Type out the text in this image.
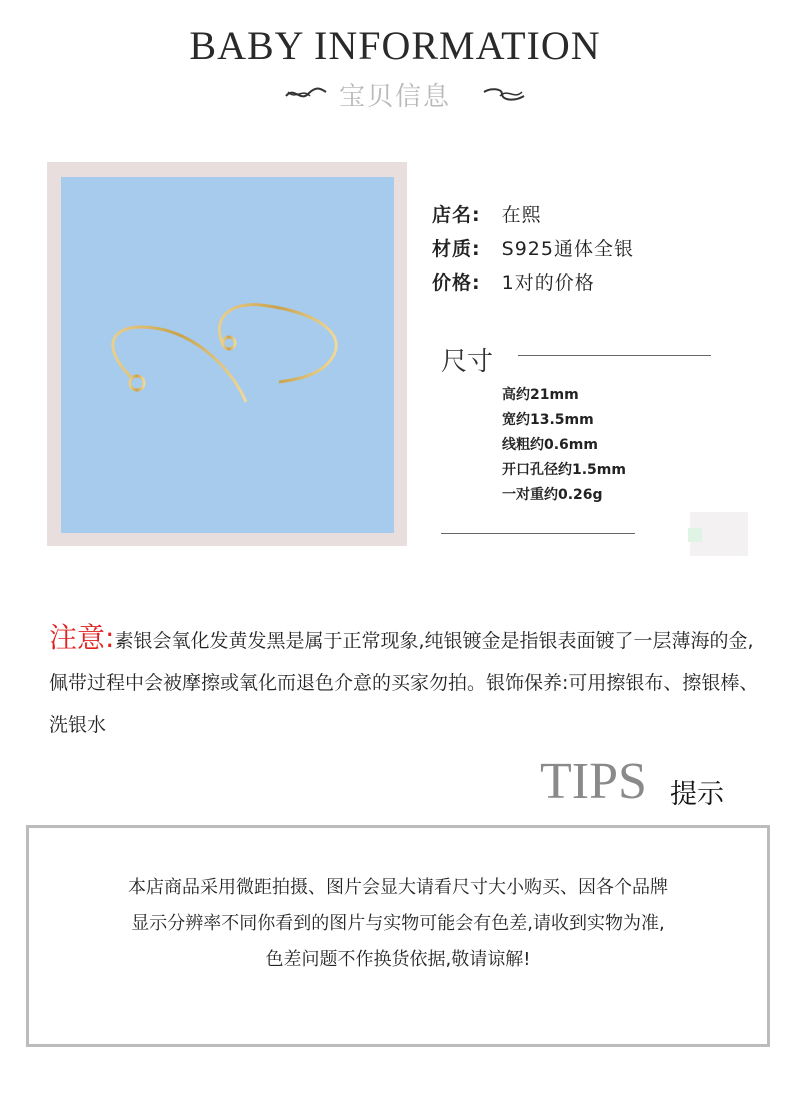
BABY INFORMATION
宝贝信息
店名: 在熙
材质: S925通体全银
价格: 1对的价格
尺寸
高约21mm
宽约13.5mm
线粗约0.6mm
开口孔径约1.5mm
一对重约0.26g
注意:素银会氧化发黄发黑是属于正常现象,纯银镀金是指银表面镀了一层薄海的金,佩带过程中会被摩擦或氧化而退色介意的买家勿拍。银饰保养:可用擦银布、擦银棒、洗银水
TIPS 提示
本店商品采用微距拍摄、图片会显大请看尺寸大小购买、因各个品牌
显示分辨率不同你看到的图片与实物可能会有色差,请收到实物为准,
色差问题不作换货依据,敬请谅解!
